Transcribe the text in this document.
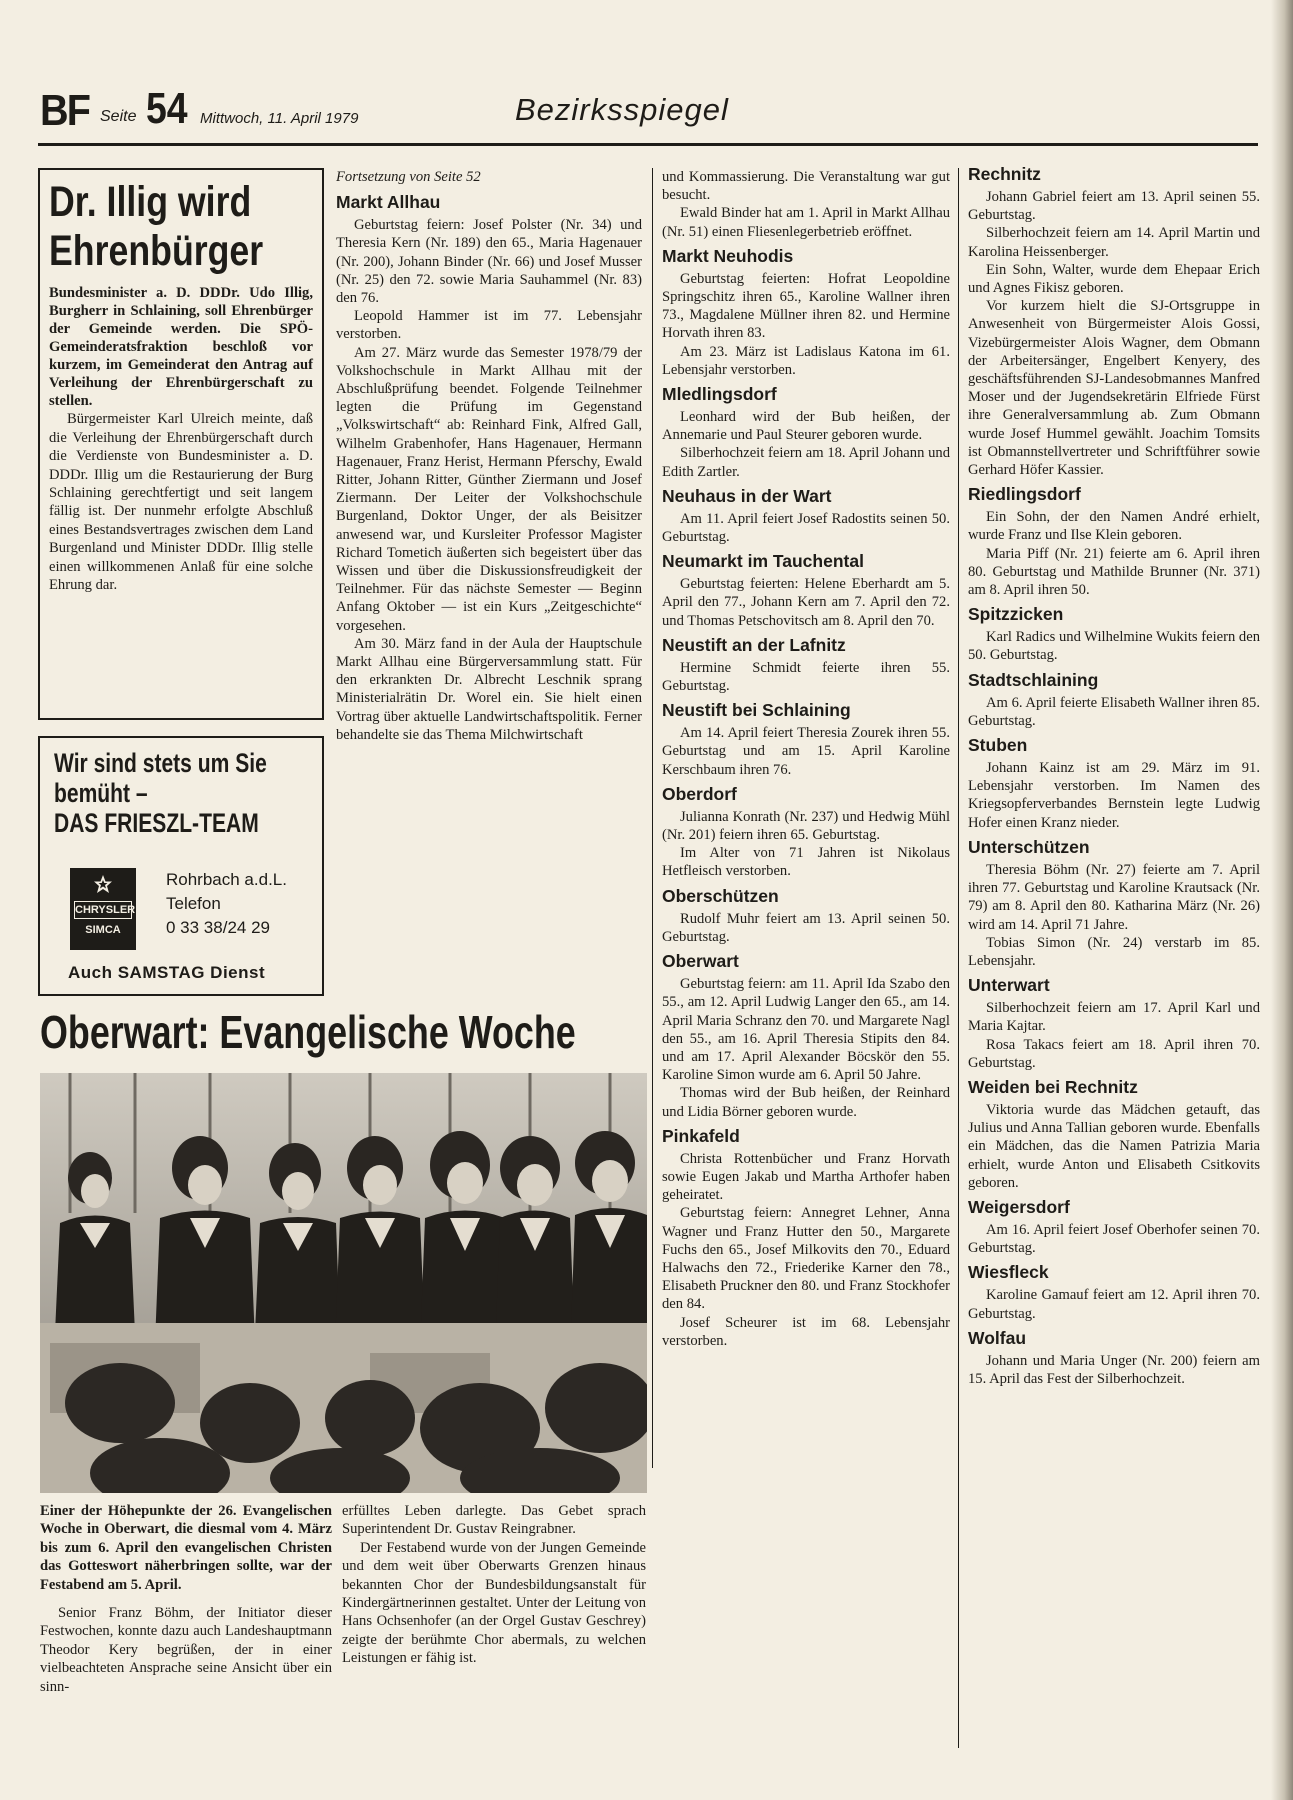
BF Seite 54 Mittwoch, 11. April 1979	Bezirksspiegel
Dr. Illig wird
Ehrenbürger
Bundesminister a. D. DDDr. Udo Illig, Burgherr in Schlaining, soll Ehrenbürger der Gemeinde werden. Die SPÖ-Gemeinderatsfraktion beschloß vor kurzem, im Gemeinderat den Antrag auf Verleihung der Ehrenbürgerschaft zu stellen.
Bürgermeister Karl Ulreich meinte, daß die Verleihung der Ehrenbürgerschaft durch die Verdienste von Bundesminister a. D. DDDr. Illig um die Restaurierung der Burg Schlaining gerechtfertigt und seit langem fällig ist. Der nunmehr erfolgte Abschluß eines Bestandsvertrages zwischen dem Land Burgenland und Minister DDDr. Illig stelle einen willkommenen Anlaß für eine solche Ehrung dar.
Wir sind stets um Sie
bemüht –
DAS FRIESZL-TEAM
CHRYSLER
SIMCA
Rohrbach a.d.L.
Telefon
0 33 38/24 29
Auch SAMSTAG Dienst
Fortsetzung von Seite 52
Markt Allhau

Geburtstag feiern: Josef Polster (Nr. 34) und Theresia Kern (Nr. 189) den 65., Maria Hagenauer (Nr. 200), Johann Binder (Nr. 66) und Josef Musser (Nr. 25) den 72. sowie Maria Sauhammel (Nr. 83) den 76.

Leopold Hammer ist im 77. Lebensjahr verstorben.

Am 27. März wurde das Semester 1978/79 der Volkshochschule in Markt Allhau mit der Abschlußprüfung beendet. Folgende Teilnehmer legten die Prüfung im Gegenstand „Volkswirtschaft“ ab: Reinhard Fink, Alfred Gall, Wilhelm Grabenhofer, Hans Hagenauer, Hermann Hagenauer, Franz Herist, Hermann Pferschy, Ewald Ritter, Johann Ritter, Günther Ziermann und Josef Ziermann. Der Leiter der Volkshochschule Burgenland, Doktor Unger, der als Beisitzer anwesend war, und Kursleiter Professor Magister Richard Tometich äußerten sich begeistert über das Wissen und über die Diskussionsfreudigkeit der Teilnehmer. Für das nächste Semester — Beginn Anfang Oktober — ist ein Kurs „Zeitgeschichte“ vorgesehen.

Am 30. März fand in der Aula der Hauptschule Markt Allhau eine Bürgerversammlung statt. Für den erkrankten Dr. Albrecht Leschnik sprang Ministerialrätin Dr. Worel ein. Sie hielt einen Vortrag über aktuelle Landwirtschaftspolitik. Ferner behandelte sie das Thema Milchwirtschaft

Oberwart: Evangelische Woche
Einer der Höhepunkte der 26. Evangelischen Woche in Oberwart, die diesmal vom 4. März bis zum 6. April den evangelischen Christen das Gotteswort näherbringen sollte, war der Festabend am 5. April.
Senior Franz Böhm, der Initiator dieser Festwochen, konnte dazu auch Landeshauptmann Theodor Kery begrüßen, der in einer vielbeachteten Ansprache seine Ansicht über ein sinn-

erfülltes Leben darlegte. Das Gebet sprach Superintendent Dr. Gustav Reingrabner.

Der Festabend wurde von der Jungen Gemeinde und dem weit über Oberwarts Grenzen hinaus bekannten Chor der Bundesbildungsanstalt für Kindergärtnerinnen gestaltet. Unter der Leitung von Hans Ochsenhofer (an der Orgel Gustav Geschrey) zeigte der berühmte Chor abermals, zu welchen Leistungen er fähig ist.

und Kommassierung. Die Veranstaltung war gut besucht.

Ewald Binder hat am 1. April in Markt Allhau (Nr. 51) einen Fliesenlegerbetrieb eröffnet.

Markt Neuhodis

Geburtstag feierten: Hofrat Leopoldine Springschitz ihren 65., Karoline Wallner ihren 73., Magdalene Müllner ihren 82. und Hermine Horvath ihren 83.

Am 23. März ist Ladislaus Katona im 61. Lebensjahr verstorben.

Mledlingsdorf

Leonhard wird der Bub heißen, der Annemarie und Paul Steurer geboren wurde.

Silberhochzeit feiern am 18. April Johann und Edith Zartler.

Neuhaus in der Wart

Am 11. April feiert Josef Radostits seinen 50. Geburtstag.

Neumarkt im Tauchental

Geburtstag feierten: Helene Eberhardt am 5. April den 77., Johann Kern am 7. April den 72. und Thomas Petschovitsch am 8. April den 70.

Neustift an der Lafnitz

Hermine Schmidt feierte ihren 55. Geburtstag.

Neustift bei Schlaining

Am 14. April feiert Theresia Zourek ihren 55. Geburtstag und am 15. April Karoline Kerschbaum ihren 76.

Oberdorf

Julianna Konrath (Nr. 237) und Hedwig Mühl (Nr. 201) feiern ihren 65. Geburtstag.

Im Alter von 71 Jahren ist Nikolaus Hetfleisch verstorben.

Oberschützen

Rudolf Muhr feiert am 13. April seinen 50. Geburtstag.

Oberwart

Geburtstag feiern: am 11. April Ida Szabo den 55., am 12. April Ludwig Langer den 65., am 14. April Maria Schranz den 70. und Margarete Nagl den 55., am 16. April Theresia Stipits den 84. und am 17. April Alexander Böcskör den 55. Karoline Simon wurde am 6. April 50 Jahre.

Thomas wird der Bub heißen, der Reinhard und Lidia Börner geboren wurde.

Pinkafeld

Christa Rottenbücher und Franz Horvath sowie Eugen Jakab und Martha Arthofer haben geheiratet.

Geburtstag feiern: Annegret Lehner, Anna Wagner und Franz Hutter den 50., Margarete Fuchs den 65., Josef Milkovits den 70., Eduard Halwachs den 72., Friederike Karner den 78., Elisabeth Pruckner den 80. und Franz Stockhofer den 84.

Josef Scheurer ist im 68. Lebensjahr verstorben.

Rechnitz

Johann Gabriel feiert am 13. April seinen 55. Geburtstag.

Silberhochzeit feiern am 14. April Martin und Karolina Heissenberger.

Ein Sohn, Walter, wurde dem Ehepaar Erich und Agnes Fikisz geboren.

Vor kurzem hielt die SJ-Ortsgruppe in Anwesenheit von Bürgermeister Alois Gossi, Vizebürgermeister Alois Wagner, dem Obmann der Arbeitersänger, Engelbert Kenyery, des geschäftsführenden SJ-Landesobmannes Manfred Moser und der Jugendsekretärin Elfriede Fürst ihre Generalversammlung ab. Zum Obmann wurde Josef Hummel gewählt. Joachim Tomsits ist Obmannstellvertreter und Schriftführer sowie Gerhard Höfer Kassier.

Riedlingsdorf

Ein Sohn, der den Namen André erhielt, wurde Franz und Ilse Klein geboren.

Maria Piff (Nr. 21) feierte am 6. April ihren 80. Geburtstag und Mathilde Brunner (Nr. 371) am 8. April ihren 50.

Spitzzicken

Karl Radics und Wilhelmine Wukits feiern den 50. Geburtstag.

Stadtschlaining

Am 6. April feierte Elisabeth Wallner ihren 85. Geburtstag.

Stuben

Johann Kainz ist am 29. März im 91. Lebensjahr verstorben. Im Namen des Kriegsopferverbandes Bernstein legte Ludwig Hofer einen Kranz nieder.

Unterschützen

Theresia Böhm (Nr. 27) feierte am 7. April ihren 77. Geburtstag und Karoline Krautsack (Nr. 79) am 8. April den 80. Katharina März (Nr. 26) wird am 14. April 71 Jahre.

Tobias Simon (Nr. 24) verstarb im 85. Lebensjahr.

Unterwart

Silberhochzeit feiern am 17. April Karl und Maria Kajtar.

Rosa Takacs feiert am 18. April ihren 70. Geburtstag.

Weiden bei Rechnitz

Viktoria wurde das Mädchen getauft, das Julius und Anna Tallian geboren wurde. Ebenfalls ein Mädchen, das die Namen Patrizia Maria erhielt, wurde Anton und Elisabeth Csitkovits geboren.

Weigersdorf

Am 16. April feiert Josef Oberhofer seinen 70. Geburtstag.

Wiesfleck

Karoline Gamauf feiert am 12. April ihren 70. Geburtstag.

Wolfau

Johann und Maria Unger (Nr. 200) feiern am 15. April das Fest der Silberhochzeit.
